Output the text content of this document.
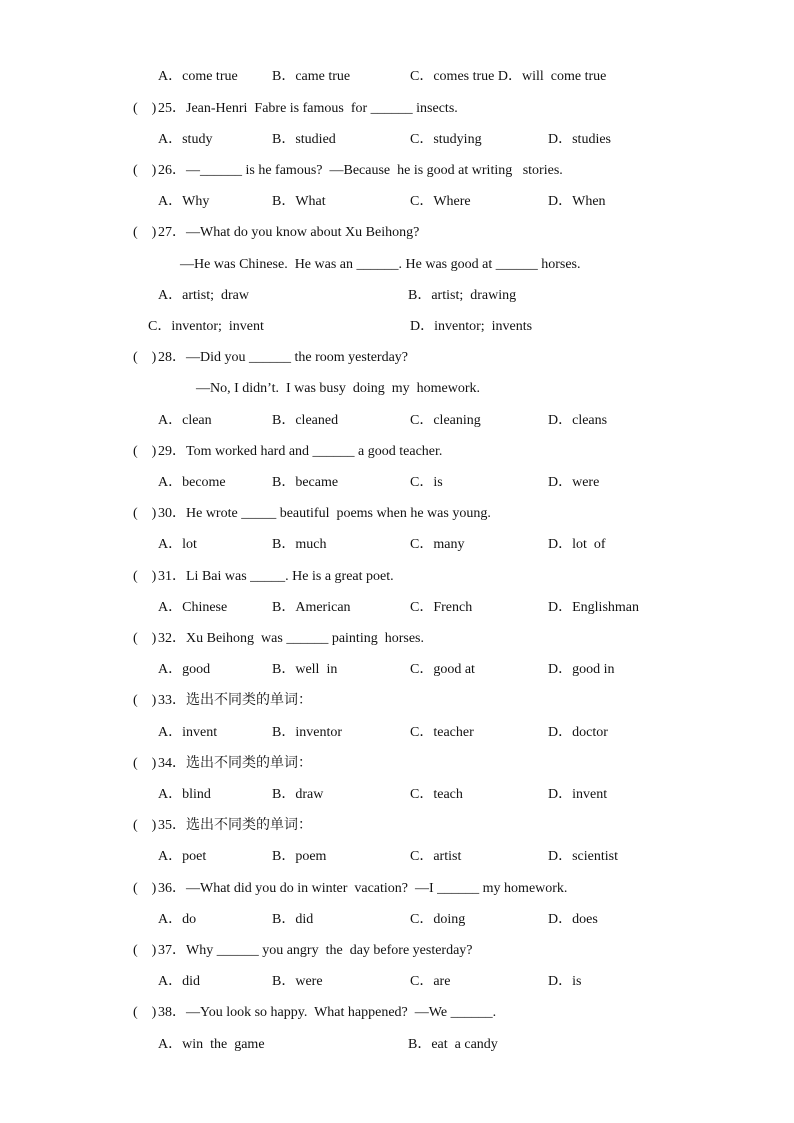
A．come true B．came true	C．comes true D．will  come true
(    ) 25．Jean-Henri  Fabre is famous  for ______ insects.
A．study	B．studied	C．studying	D．studies
(    ) 26．—______ is he famous?  —Because  he is good at writing   stories.
A．Why	B．What	C．Where	D．When
(    ) 27．—What do you know about Xu Beihong?
—He was Chinese.  He was an ______. He was good at ______ horses.
A．artist;  draw	B．artist;  drawing
C．inventor;  invent	D．inventor;  invents
(    ) 28．—Did you ______ the room yesterday?
—No, I didn’t.  I was busy  doing  my  homework.
A．clean	B．cleaned	C．cleaning	D．cleans
(    ) 29．Tom worked hard and ______ a good teacher.
A．become	B．became	C．is	D．were
(    ) 30．He wrote _____ beautiful  poems when he was young.
A．lot	B．much	C．many	D．lot  of
(    ) 31．Li Bai was _____. He is a great poet.
A．Chinese	B．American	C．French	D．Englishman
(    ) 32．Xu Beihong  was ______ painting  horses.
A．good	B．well  in	C．good at	D．good in
(    ) 33．选出不同类的单词：
A．invent	B．inventor	C．teacher	D．doctor
(    ) 34．选出不同类的单词：
A．blind	B．draw	C．teach	D．invent
(    ) 35．选出不同类的单词：
A．poet	B．poem	C．artist	D．scientist
(    ) 36．—What did you do in winter  vacation?  —I ______ my homework.
A．do	B．did	C．doing	D．does
(    ) 37．Why ______ you angry  the  day before yesterday?
A．did	B．were	C．are	D．is
(    ) 38．—You look so happy.  What happened?  —We ______.
A．win  the  game	B．eat  a candy
